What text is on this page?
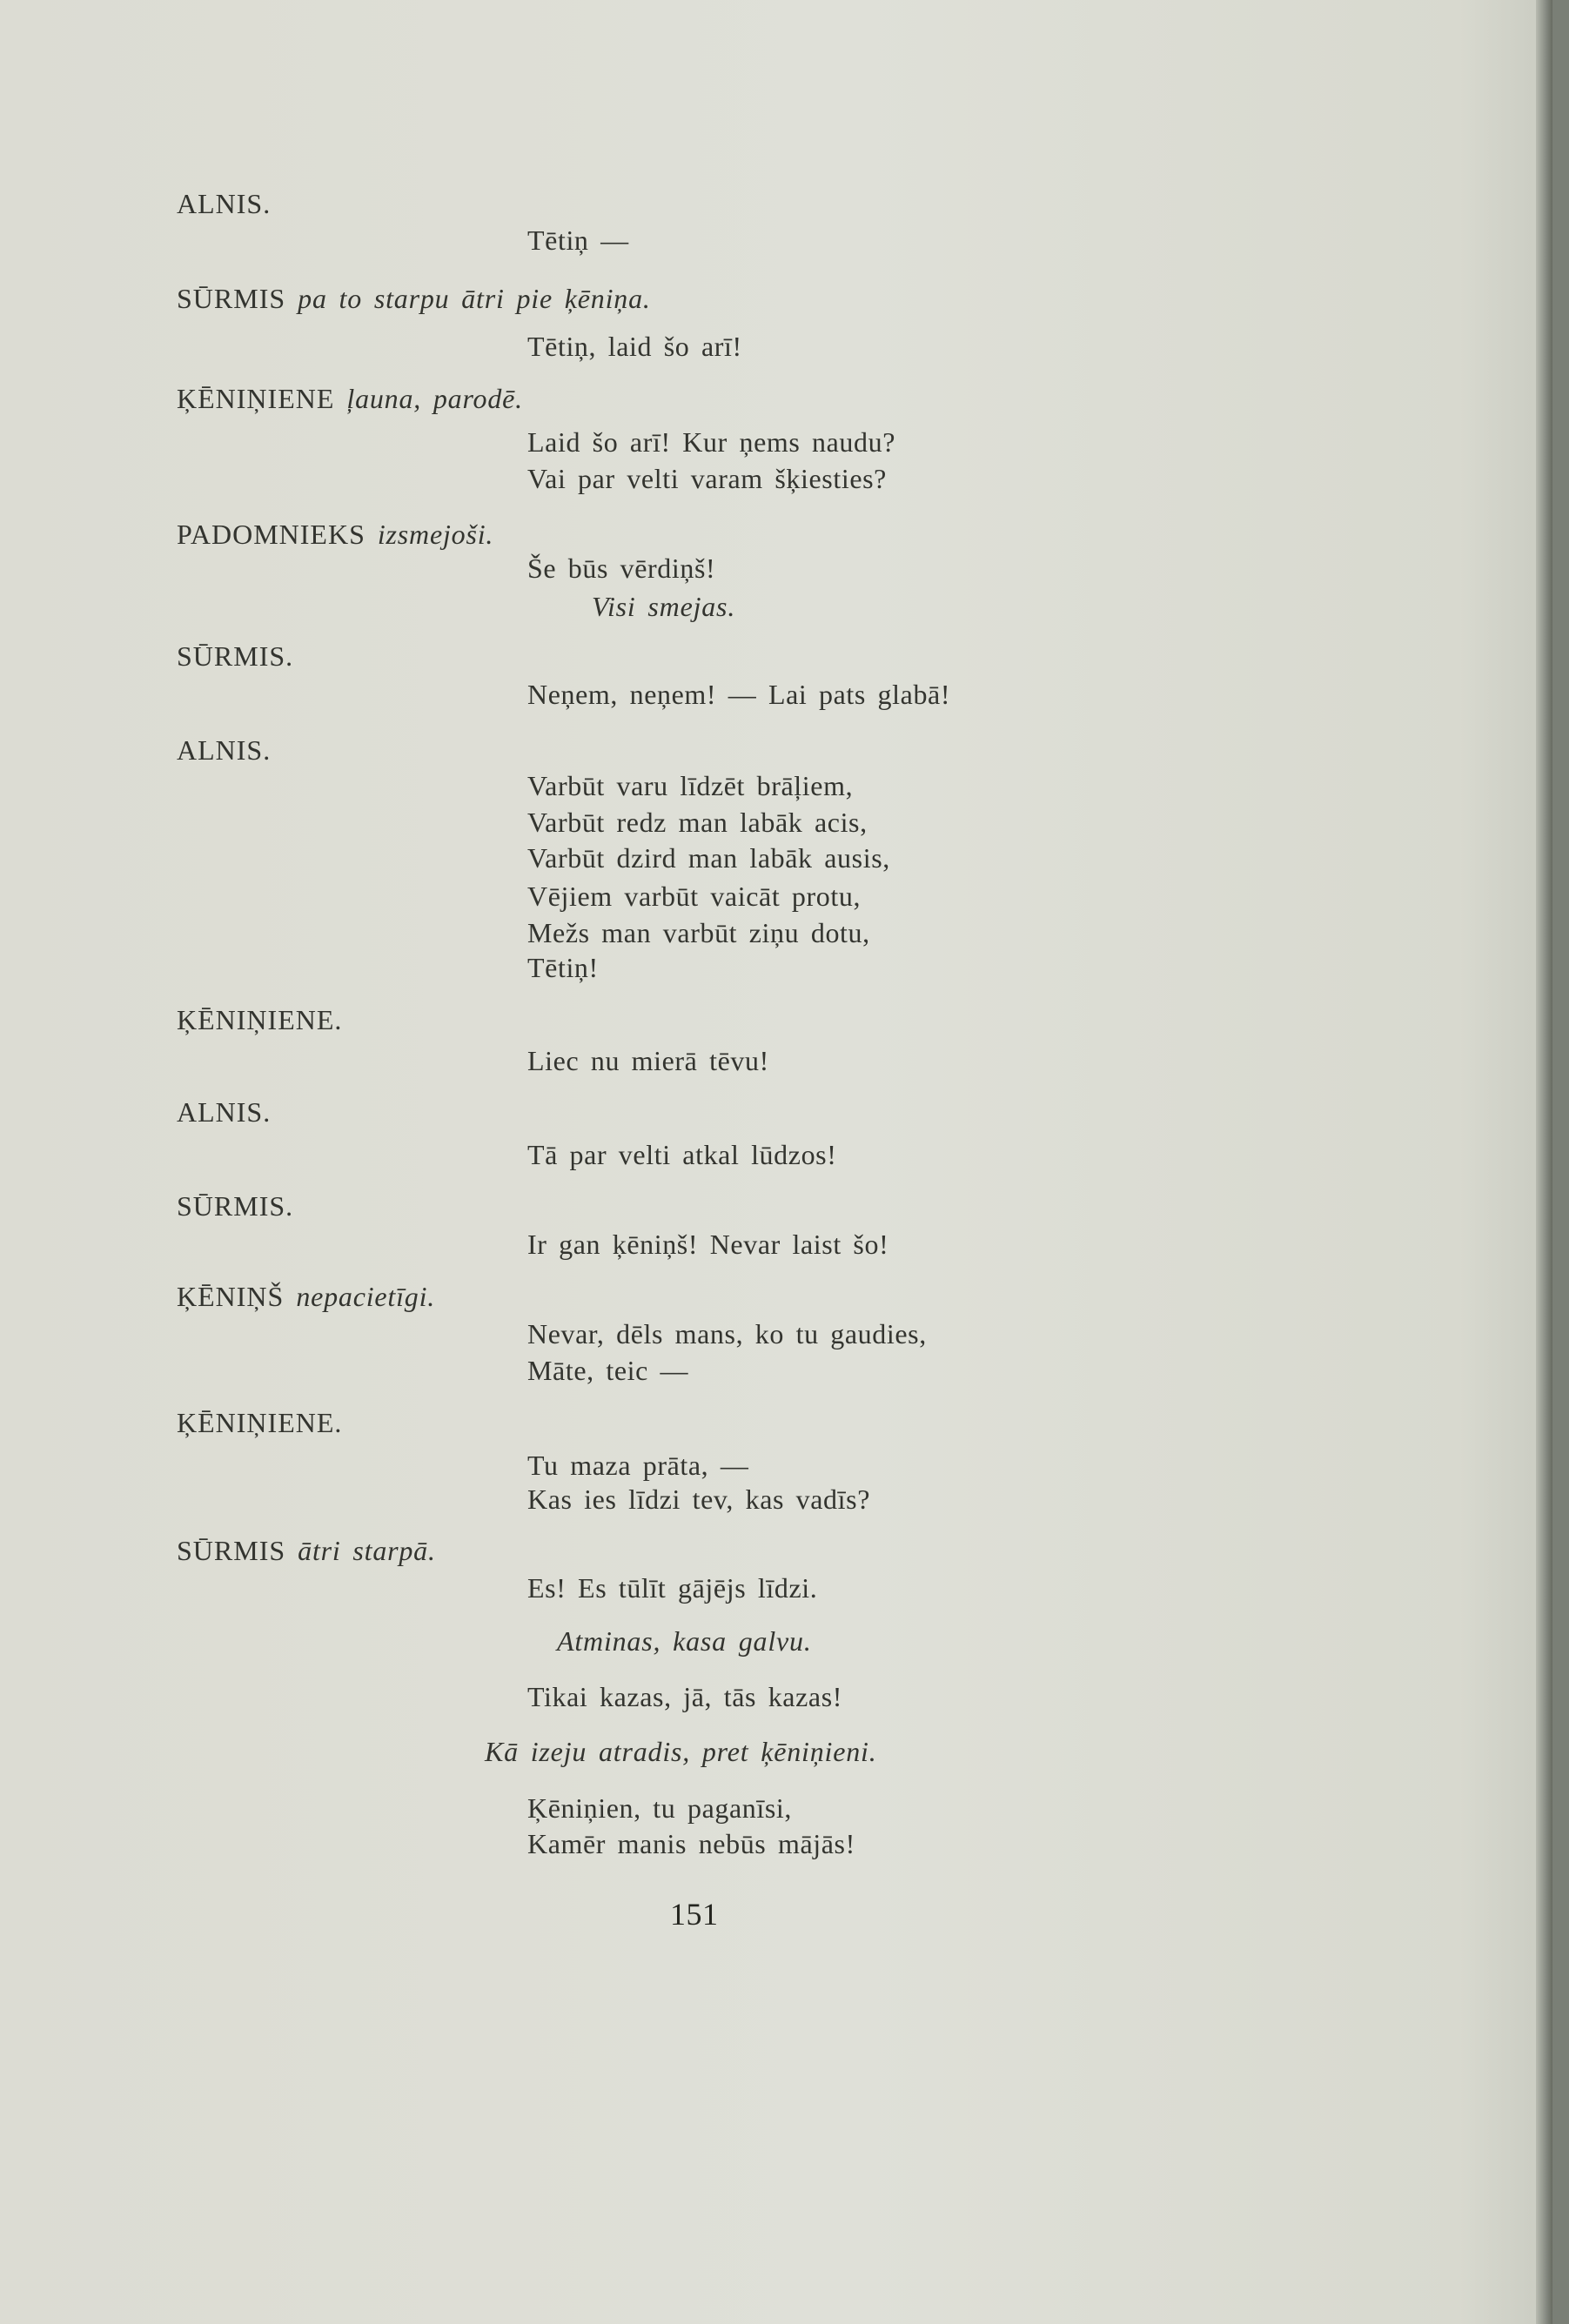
ALNIS.
Tētiņ —
SŪRMIS pa to starpu ātri pie ķēniņa.
Tētiņ, laid šo arī!
ĶĒNIŅIENE ļauna, parodē.
Laid šo arī! Kur ņems naudu?
Vai par velti varam šķiesties?
PADOMNIEKS izsmejoši.
Še būs vērdiņš!
Visi smejas.
SŪRMIS.
Neņem, neņem! — Lai pats glabā!
ALNIS.
Varbūt varu līdzēt brāļiem,
Varbūt redz man labāk acis,
Varbūt dzird man labāk ausis,
Vējiem varbūt vaicāt protu,
Mežs man varbūt ziņu dotu,
Tētiņ!
ĶĒNIŅIENE.
Liec nu mierā tēvu!
ALNIS.
Tā par velti atkal lūdzos!
SŪRMIS.
Ir gan ķēniņš! Nevar laist šo!
ĶĒNIŅŠ nepacietīgi.
Nevar, dēls mans, ko tu gaudies,
Māte, teic —
ĶĒNIŅIENE.
Tu maza prāta, —
Kas ies līdzi tev, kas vadīs?
SŪRMIS ātri starpā.
Es! Es tūlīt gājējs līdzi.
Atminas, kasa galvu.
Tikai kazas, jā, tās kazas!
Kā izeju atradis, pret ķēniņieni.
Ķēniņien, tu paganīsi,
Kamēr manis nebūs mājās!
151
